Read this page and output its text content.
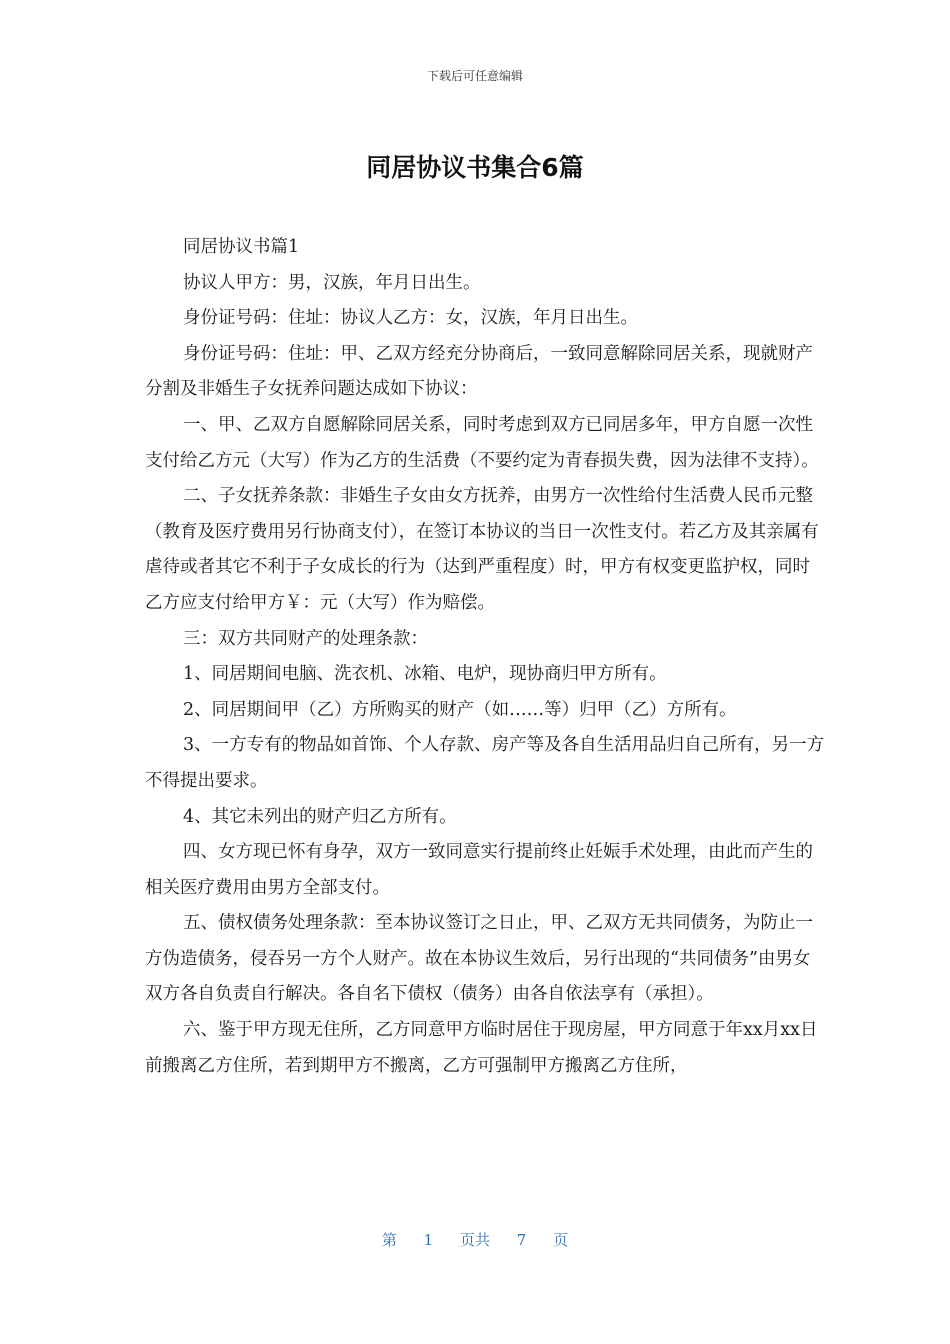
下载后可任意编辑
同居协议书集合6篇

同居协议书篇1

协议人甲方：男，汉族，年月日出生。

身份证号码：住址：协议人乙方：女，汉族，年月日出生。

身份证号码：住址：甲、乙双方经充分协商后，一致同意解除同居关系，现就财产分割及非婚生子女抚养问题达成如下协议：

一、甲、乙双方自愿解除同居关系，同时考虑到双方已同居多年，甲方自愿一次性支付给乙方元（大写）作为乙方的生活费（不要约定为青春损失费，因为法律不支持）。

二、子女抚养条款：非婚生子女由女方抚养，由男方一次性给付生活费人民币元整（教育及医疗费用另行协商支付），在签订本协议的当日一次性支付。若乙方及其亲属有虐待或者其它不利于子女成长的行为（达到严重程度）时，甲方有权变更监护权，同时乙方应支付给甲方￥：元（大写）作为赔偿。

三：双方共同财产的处理条款：

1、同居期间电脑、洗衣机、冰箱、电炉，现协商归甲方所有。

2、同居期间甲（乙）方所购买的财产（如……等）归甲（乙）方所有。

3、一方专有的物品如首饰、个人存款、房产等及各自生活用品归自己所有，另一方不得提出要求。

4、其它未列出的财产归乙方所有。

四、女方现已怀有身孕，双方一致同意实行提前终止妊娠手术处理，由此而产生的相关医疗费用由男方全部支付。

五、债权债务处理条款：至本协议签订之日止，甲、乙双方无共同债务，为防止一方伪造债务，侵吞另一方个人财产。故在本协议生效后，另行出现的“共同债务”由男女双方各自负责自行解决。各自名下债权（债务）由各自依法享有（承担）。

六、鉴于甲方现无住所，乙方同意甲方临时居住于现房屋，甲方同意于年xx月xx日前搬离乙方住所，若到期甲方不搬离，乙方可强制甲方搬离乙方住所，

第 1 页共 7 页
